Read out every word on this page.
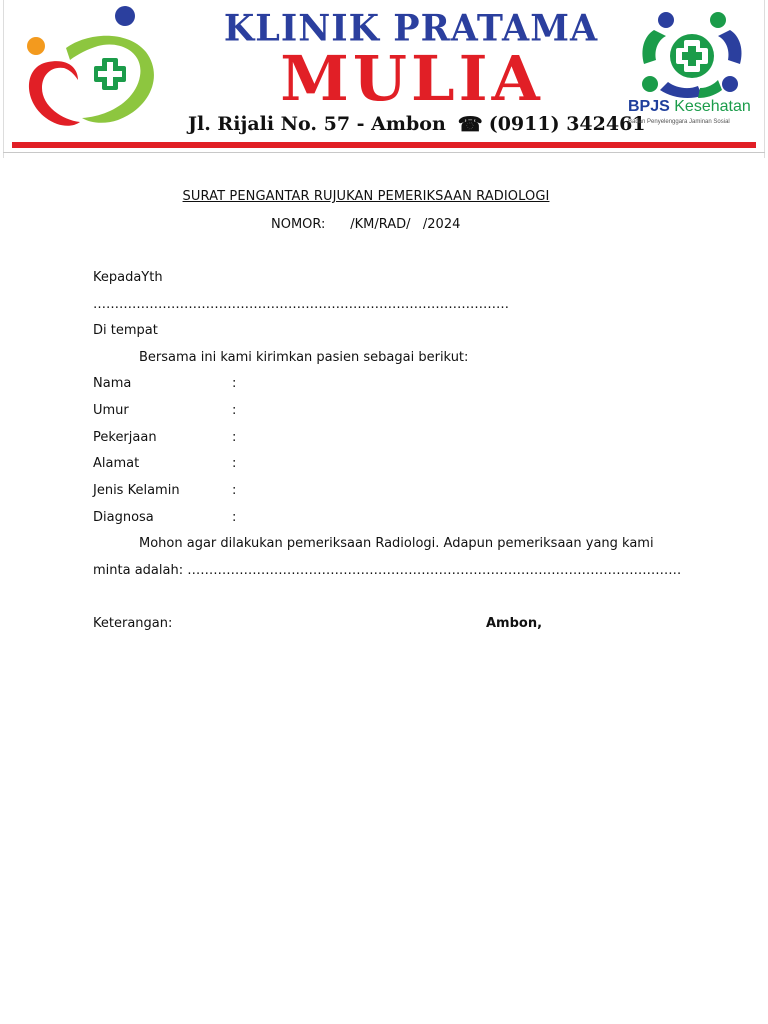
KLINIK PRATAMA
MULIA
Jl. Rijali No. 57 - Ambon ☎ (0911) 342461
BPJS Kesehatan
Badan Penyelenggara Jaminan Sosial
SURAT PENGANTAR RUJUKAN PEMERIKSAAN RADIOLOGI
NOMOR:      /KM/RAD/   /2024
KepadaYth
……………………………………………………………………………………
Di tempat
Bersama ini kami kirimkan pasien sebagai berikut:
Nama	:
Umur	:
Pekerjaan	:
Alamat	:
Jenis Kelamin	:
Diagnosa	:
Mohon agar dilakukan pemeriksaan Radiologi. Adapun pemeriksaan yang kami
minta adalah: ……………………………………………………………………………………………………
Keterangan:	Ambon,
